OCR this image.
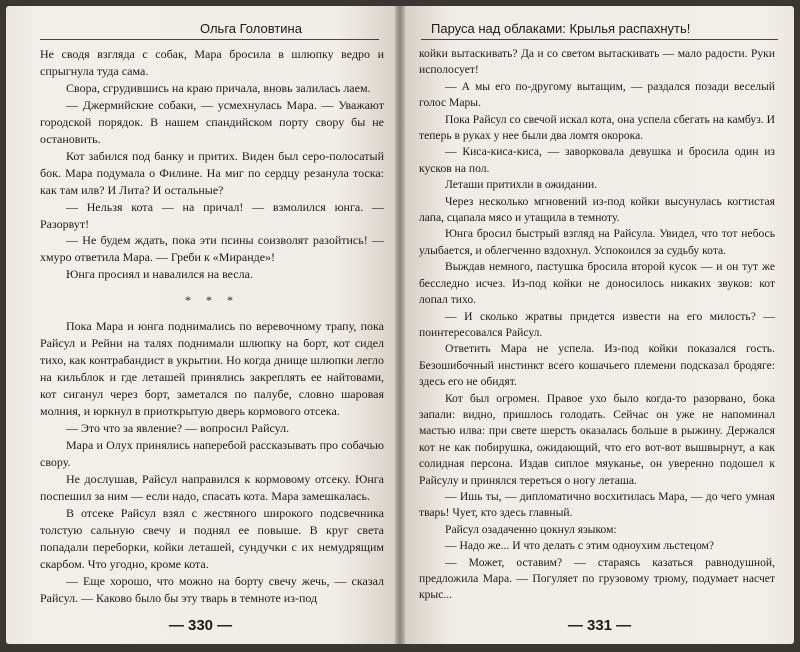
Ольга Головтина

Не сводя взгляда с собак, Мара бросила в шлюпку ведро и спрыгнула туда сама.

Свора, сгрудившись на краю причала, вновь залилась лаем.

— Джермийские собаки, — усмехнулась Мара. — Уважают городской порядок. В нашем спандийском порту свору бы не остановить.

Кот забился под банку и притих. Виден был серо-полосатый бок. Мара подумала о Филине. На миг по сердцу резанула тоска: как там илв? И Лита? И остальные?

— Нельзя кота — на причал! — взмолился юнга. — Разорвут!

— Не будем ждать, пока эти псины соизволят разойтись! — хмуро ответила Мара. — Греби к «Миранде»!

Юнга просиял и навалился на весла.

* * *

Пока Мара и юнга поднимались по веревочному трапу, пока Райсул и Рейни на талях поднимали шлюпку на борт, кот сидел тихо, как контрабандист в укрытии. Но когда днище шлюпки легло на кильблок и где леташей принялись закреплять ее найтовами, кот сиганул через борт, заметался по палубе, словно шаровая молния, и юркнул в приоткрытую дверь кормового отсека.

— Это что за явление? — вопросил Райсул.

Мара и Олух принялись наперебой рассказывать про собачью свору.

Не дослушав, Райсул направился к кормовому отсеку. Юнга поспешил за ним — если надо, спасать кота. Мара замешкалась.

В отсеке Райсул взял с жестяного широкого подсвечника толстую сальную свечу и поднял ее повыше. В круг света попадали переборки, койки леташей, сундучки с их немудрящим скарбом. Что угодно, кроме кота.

— Еще хорошо, что можно на борту свечу жечь, — сказал Райсул. — Каково было бы эту тварь в темноте из-под

— 330 —
Паруса над облаками: Крылья распахнуть!

койки вытаскивать? Да и со светом вытаскивать — мало радости. Руки исполосует!

— А мы его по-другому вытащим, — раздался позади веселый голос Мары.

Пока Райсул со свечой искал кота, она успела сбегать на камбуз. И теперь в руках у нее были два ломтя окорока.

— Киса-киса-киса, — заворковала девушка и бросила один из кусков на пол.

Леташи притихли в ожидании.

Через несколько мгновений из-под койки высунулась когтистая лапа, сцапала мясо и утащила в темноту.

Юнга бросил быстрый взгляд на Райсула. Увидел, что тот небось улыбается, и облегченно вздохнул. Успокоился за судьбу кота.

Выждав немного, пастушка бросила второй кусок — и он тут же бесследно исчез. Из-под койки не доносилось никаких звуков: кот лопал тихо.

— И сколько жратвы придется извести на его милость? — поинтересовался Райсул.

Ответить Мара не успела. Из-под койки показался гость. Безошибочный инстинкт всего кошачьего племени подсказал бродяге: здесь его не обидят.

Кот был огромен. Правое ухо было когда-то разорвано, бока запали: видно, пришлось голодать. Сейчас он уже не напоминал мастью илва: при свете шерсть оказалась больше в рыжину. Держался кот не как побирушка, ожидающий, что его вот-вот вышвырнут, а как солидная персона. Издав сиплое мяуканье, он уверенно подошел к Райсулу и принялся тереться о ногу леташа.

— Ишь ты, — дипломатично восхитилась Мара, — до чего умная тварь! Чует, кто здесь главный.

Райсул озадаченно цокнул языком:

— Надо же... И что делать с этим одноухим льстецом?

— Может, оставим? — стараясь казаться равнодушной, предложила Мара. — Погуляет по грузовому трюму, подумает насчет крыс...

— 331 —
